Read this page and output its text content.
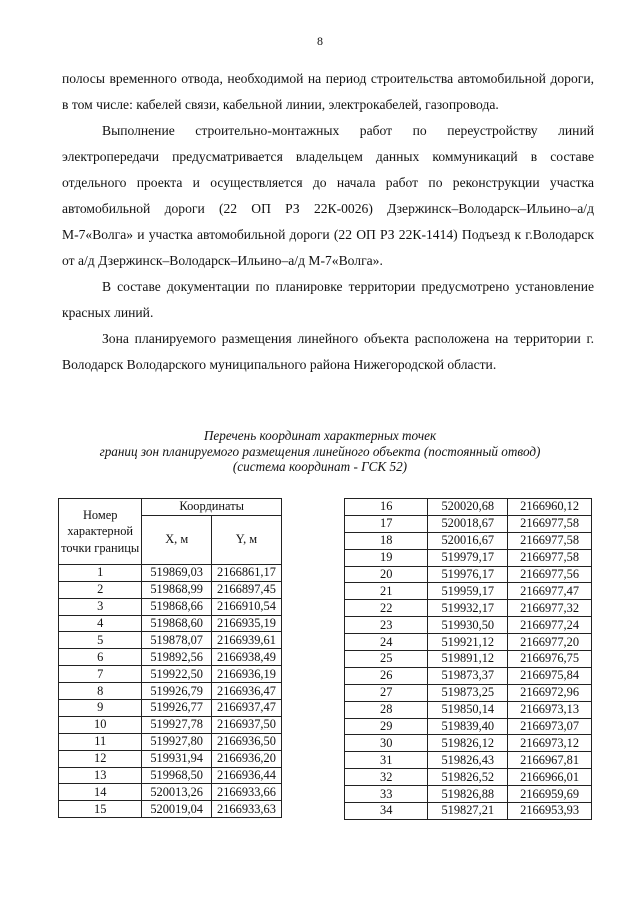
8

полосы временного отвода, необходимой на период строительства автомобильной дороги, в том числе: кабелей связи, кабельной линии, электрокабелей, газопровода.

Выполнение строительно-монтажных работ по переустройству линий электропередачи предусматривается владельцем данных коммуникаций в составе отдельного проекта и осуществляется до начала работ по реконструкции участка автомобильной дороги (22 ОП РЗ 22К-0026) Дзержинск–Володарск–Ильино–а/д М-7«Волга» и участка автомобильной дороги (22 ОП РЗ 22К-1414) Подъезд к г.Володарск от а/д Дзержинск–Володарск–Ильино–а/д М-7«Волга».

В составе документации по планировке территории предусмотрено установление красных линий.

Зона планируемого размещения линейного объекта расположена на территории г. Володарск Володарского муниципального района Нижегородской области.

Перечень координат характерных точек
границ зон планируемого размещения линейного объекта (постоянный отвод)
(система координат - ГСК 52)
Номер характерной точки границы	Координаты	
	Х, м	Y, м
1	519869,03	2166861,17
2	519868,99	2166897,45
3	519868,66	2166910,54
4	519868,60	2166935,19
5	519878,07	2166939,61
6	519892,56	2166938,49
7	519922,50	2166936,19
8	519926,79	2166936,47
9	519926,77	2166937,47
10	519927,78	2166937,50
11	519927,80	2166936,50
12	519931,94	2166936,20
13	519968,50	2166936,44
14	520013,26	2166933,66
15	520019,04	2166933,63
16	520020,68	2166960,12
17	520018,67	2166977,58
18	520016,67	2166977,58
19	519979,17	2166977,58
20	519976,17	2166977,56
21	519959,17	2166977,47
22	519932,17	2166977,32
23	519930,50	2166977,24
24	519921,12	2166977,20
25	519891,12	2166976,75
26	519873,37	2166975,84
27	519873,25	2166972,96
28	519850,14	2166973,13
29	519839,40	2166973,07
30	519826,12	2166973,12
31	519826,43	2166967,81
32	519826,52	2166966,01
33	519826,88	2166959,69
34	519827,21	2166953,93
